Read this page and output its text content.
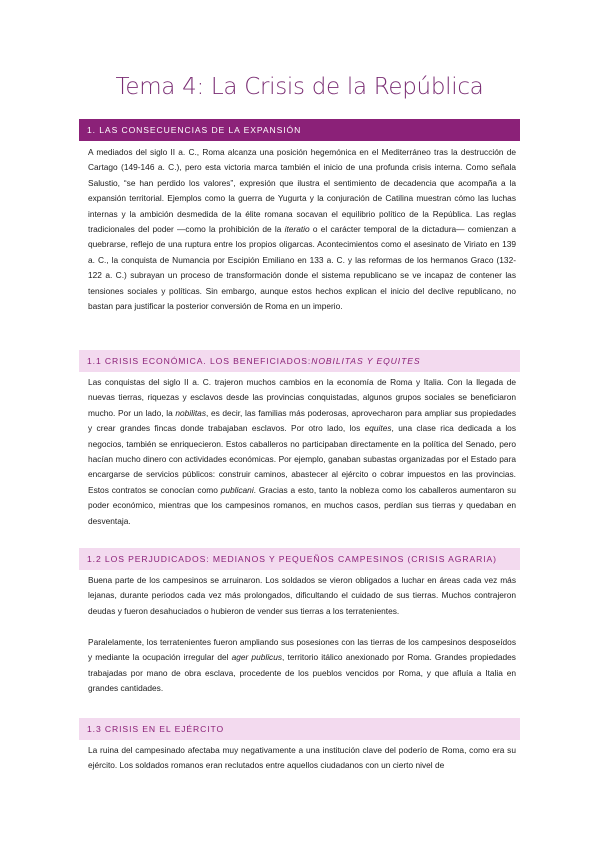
Tema 4: La Crisis de la República
1. LAS CONSECUENCIAS DE LA EXPANSIÓN

A mediados del siglo II a. C., Roma alcanza una posición hegemónica en el Mediterráneo tras la destrucción de Cartago (149-146 a. C.), pero esta victoria marca también el inicio de una profunda crisis interna. Como señala Salustio, “se han perdido los valores”, expresión que ilustra el sentimiento de decadencia que acompaña a la expansión territorial. Ejemplos como la guerra de Yugurta y la conjuración de Catilina muestran cómo las luchas internas y la ambición desmedida de la élite romana socavan el equilibrio político de la República. Las reglas tradicionales del poder —como la prohibición de la iteratio o el carácter temporal de la dictadura— comienzan a quebrarse, reflejo de una ruptura entre los propios oligarcas. Acontecimientos como el asesinato de Viriato en 139 a. C., la conquista de Numancia por Escipión Emiliano en 133 a. C. y las reformas de los hermanos Graco (132-122 a. C.) subrayan un proceso de transformación donde el sistema republicano se ve incapaz de contener las tensiones sociales y políticas. Sin embargo, aunque estos hechos explican el inicio del declive republicano, no bastan para justificar la posterior conversión de Roma en un imperio.

1.1 CRISIS ECONÓMICA. LOS BENEFICIADOS: NOBILITAS Y EQUITES

Las conquistas del siglo II a. C. trajeron muchos cambios en la economía de Roma y Italia. Con la llegada de nuevas tierras, riquezas y esclavos desde las provincias conquistadas, algunos grupos sociales se beneficiaron mucho. Por un lado, la nobilitas, es decir, las familias más poderosas, aprovecharon para ampliar sus propiedades y crear grandes fincas donde trabajaban esclavos. Por otro lado, los equites, una clase rica dedicada a los negocios, también se enriquecieron. Estos caballeros no participaban directamente en la política del Senado, pero hacían mucho dinero con actividades económicas. Por ejemplo, ganaban subastas organizadas por el Estado para encargarse de servicios públicos: construir caminos, abastecer al ejército o cobrar impuestos en las provincias. Estos contratos se conocían como publicani. Gracias a esto, tanto la nobleza como los caballeros aumentaron su poder económico, mientras que los campesinos romanos, en muchos casos, perdían sus tierras y quedaban en desventaja.

1.2 LOS PERJUDICADOS: MEDIANOS Y PEQUEÑOS CAMPESINOS (CRISIS AGRARIA)

Buena parte de los campesinos se arruinaron. Los soldados se vieron obligados a luchar en áreas cada vez más lejanas, durante periodos cada vez más prolongados, dificultando el cuidado de sus tierras. Muchos contrajeron deudas y fueron desahuciados o hubieron de vender sus tierras a los terratenientes.

Paralelamente, los terratenientes fueron ampliando sus posesiones con las tierras de los campesinos desposeídos y mediante la ocupación irregular del ager publicus, territorio itálico anexionado por Roma. Grandes propiedades trabajadas por mano de obra esclava, procedente de los pueblos vencidos por Roma, y que afluía a Italia en grandes cantidades.

1.3 CRISIS EN EL EJÉRCITO

La ruina del campesinado afectaba muy negativamente a una institución clave del poderío de Roma, como era su ejército. Los soldados romanos eran reclutados entre aquellos ciudadanos con un cierto nivel de
